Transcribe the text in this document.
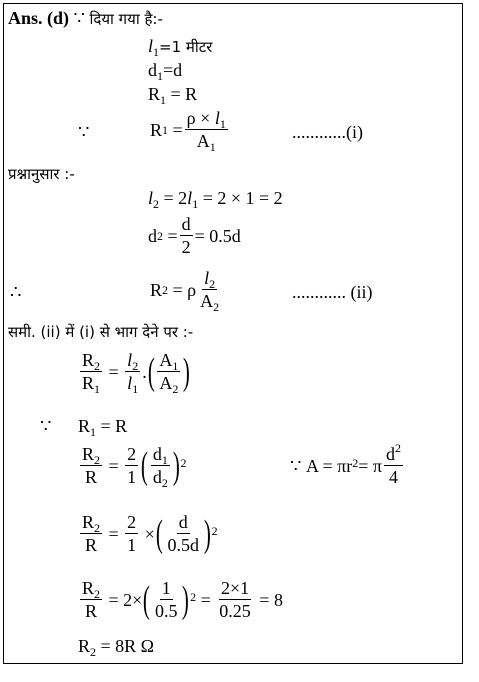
Ans. (d) ∵ दिया गया है:-
$l_1=1$ मीटर
$d_1=d$
$R_1 = R$
∵	R $1 = \frac{\rho \times l_1}{A_1}$	............(i)
प्रश्नानुसार :-
$l_2 = 2l_1 = 2 \times 1 = 2$
d $2 = \frac{d}{2} = 0.5d$
∴	R 2 = ρ $\frac{l_2}{A_2}$	............ (ii)
समी. (ii) में (i) से भाग देने पर :-
$\frac{R_2}{R_1} = \frac{l_2}{l_1}$ . ( $\frac{A_1}{A_2}$ )
∵ $R_1 = R$
$\frac{R_2}{R} = \frac{2}{1}$ ( $\frac{d_1}{d_2}$ ) 2	∵
A = πr 2 = π $\frac{d2}{4}$
$\frac{R_2}{R} = \frac{2}{1}$ × ( $\frac{d}{0.5d}$ ) 2
$\frac{R_2}{R} = 2\times$ ( $\frac{1}{0.5}$ ) $2 = \frac{2\times 1}{0.25}$
= 8
$R_2 = 8R$ Ω
